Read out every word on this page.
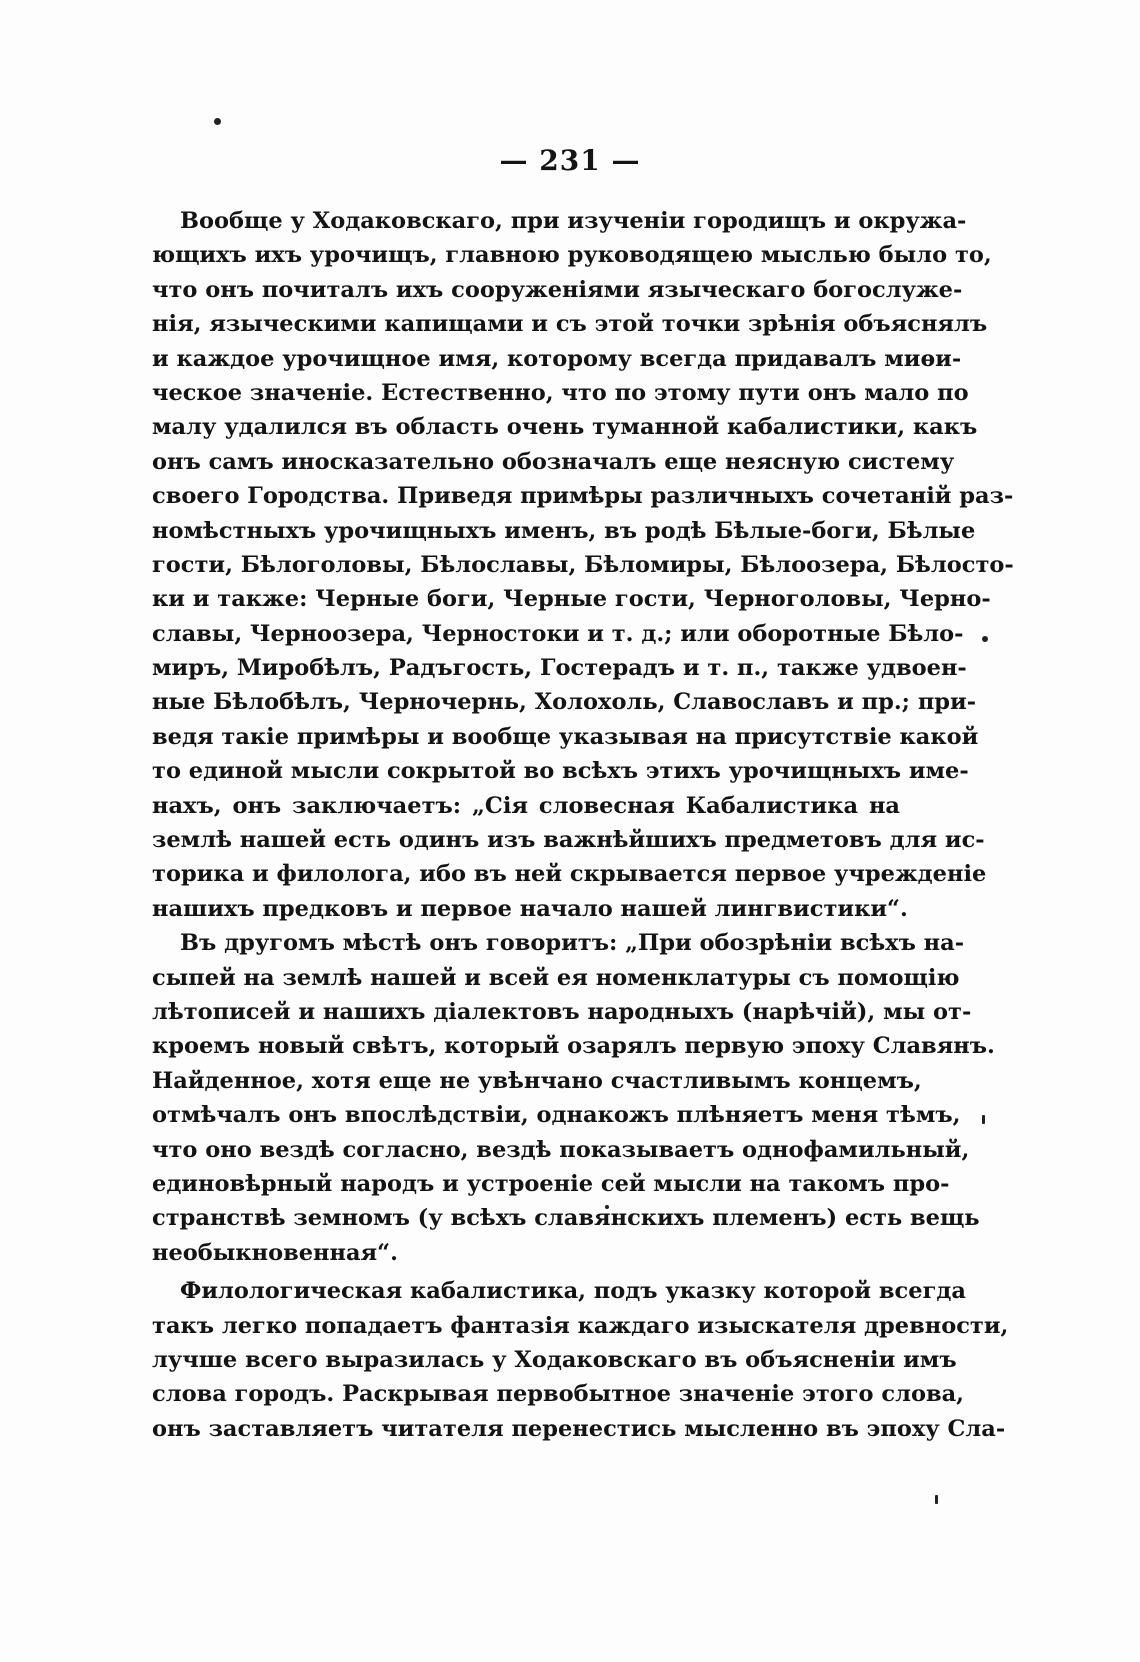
— 231 —
Вообще у Ходаковскаго, при изученіи городищъ и окружа-
ющихъ ихъ урочищъ, главною руководящею мыслью было то,
что онъ почиталъ ихъ сооруженіями языческаго богослуже-
нія, языческими капищами и съ этой точки зрѣнія объяснялъ
и каждое урочищное имя, которому всегда придавалъ миѳи-
ческое значеніе. Естественно, что по этому пути онъ мало по
малу удалился въ область очень туманной кабалистики, какъ
онъ самъ иносказательно обозначалъ еще неясную систему
своего Городства. Приведя примѣры различныхъ сочетаній раз-
номѣстныхъ урочищныхъ именъ, въ родѣ Бѣлые-боги, Бѣлые
гости, Бѣлоголовы, Бѣлославы, Бѣломиры, Бѣлоозера, Бѣлосто-
ки и также: Черные боги, Черные гости, Черноголовы, Черно-
славы, Черноозера, Черностоки и т. д.; или оборотные Бѣло-
миръ, Миробѣлъ, Радъгость, Гостерадъ и т. п., также удвоен-
ные Бѣлобѣлъ, Черночернь, Холохоль, Славославъ и пр.; при-
ведя такіе примѣры и вообще указывая на присутствіе какой
то единой мысли сокрытой во всѣхъ этихъ урочищныхъ име-
нахъ, онъ заключаетъ: „Сія словесная Кабалистика на
землѣ нашей есть одинъ изъ важнѣйшихъ предметовъ для ис-
торика и филолога, ибо въ ней скрывается первое учрежденіе
нашихъ предковъ и первое начало нашей лингвистики“.
Въ другомъ мѣстѣ онъ говоритъ: „При обозрѣніи всѣхъ на-
сыпей на землѣ нашей и всей ея номенклатуры съ помощію
лѣтописей и нашихъ діалектовъ народныхъ (нарѣчій), мы от-
кроемъ новый свѣтъ, который озарялъ первую эпоху Славянъ.
Найденное, хотя еще не увѣнчано счастливымъ концемъ,
отмѣчалъ онъ впослѣдствіи, однакожъ плѣняетъ меня тѣмъ,
что оно вездѣ согласно, вездѣ показываетъ однофамильный,
единовѣрный народъ и устроеніе сей мысли на такомъ про-
странствѣ земномъ (у всѣхъ славянскихъ племенъ) есть вещь
необыкновенная“.
Филологическая кабалистика, подъ указку которой всегда
такъ легко попадаетъ фантазія каждаго изыскателя древности,
лучше всего выразилась у Ходаковскаго въ объясненіи имъ
слова городъ. Раскрывая первобытное значеніе этого слова,
онъ заставляетъ читателя перенестись мысленно въ эпоху Сла-
